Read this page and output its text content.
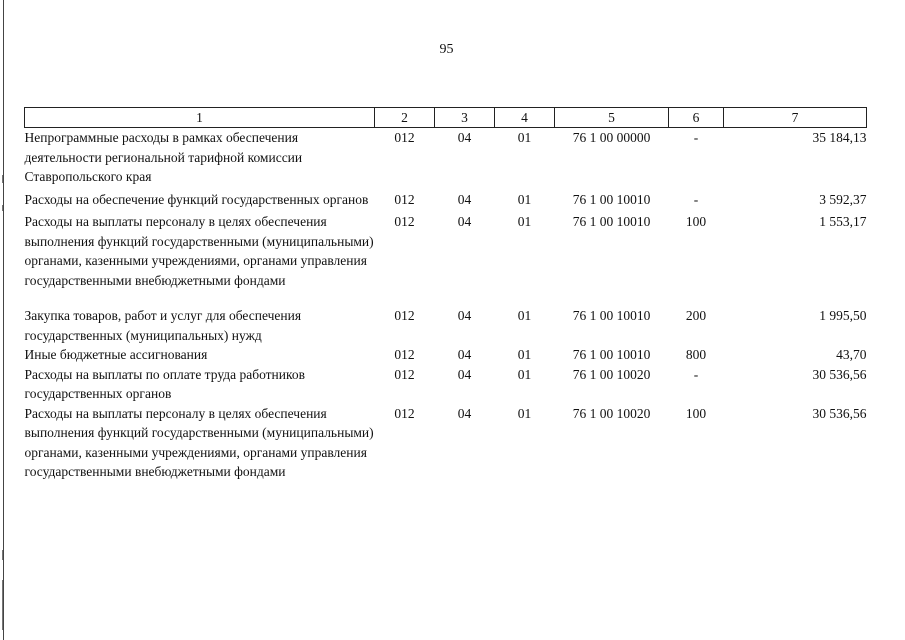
95
1	2	3	4	5	6	7
Непрограммные расходы в рамках обеспечения деятельности региональной тарифной комиссии Ставропольского края	012	04	01	76 1 00 00000	-	35 184,13
Расходы на обеспечение функций государственных органов	012	04	01	76 1 00 10010	-	3 592,37
Расходы на выплаты персоналу в целях обеспечения выполнения функций государственными (муниципальными) органами, казенными учреждениями, органами управления государственными внебюджетными фондами	012	04	01	76 1 00 10010	100	1 553,17
Закупка товаров, работ и услуг для обеспечения государственных (муниципальных) нужд	012	04	01	76 1 00 10010	200	1 995,50
Иные бюджетные ассигнования	012	04	01	76 1 00 10010	800	43,70
Расходы на выплаты по оплате труда работников государственных органов	012	04	01	76 1 00 10020	-	30 536,56
Расходы на выплаты персоналу в целях обеспечения выполнения функций государственными (муниципальными) органами, казенными учреждениями, органами управления государственными внебюджетными фондами	012	04	01	76 1 00 10020	100	30 536,56
